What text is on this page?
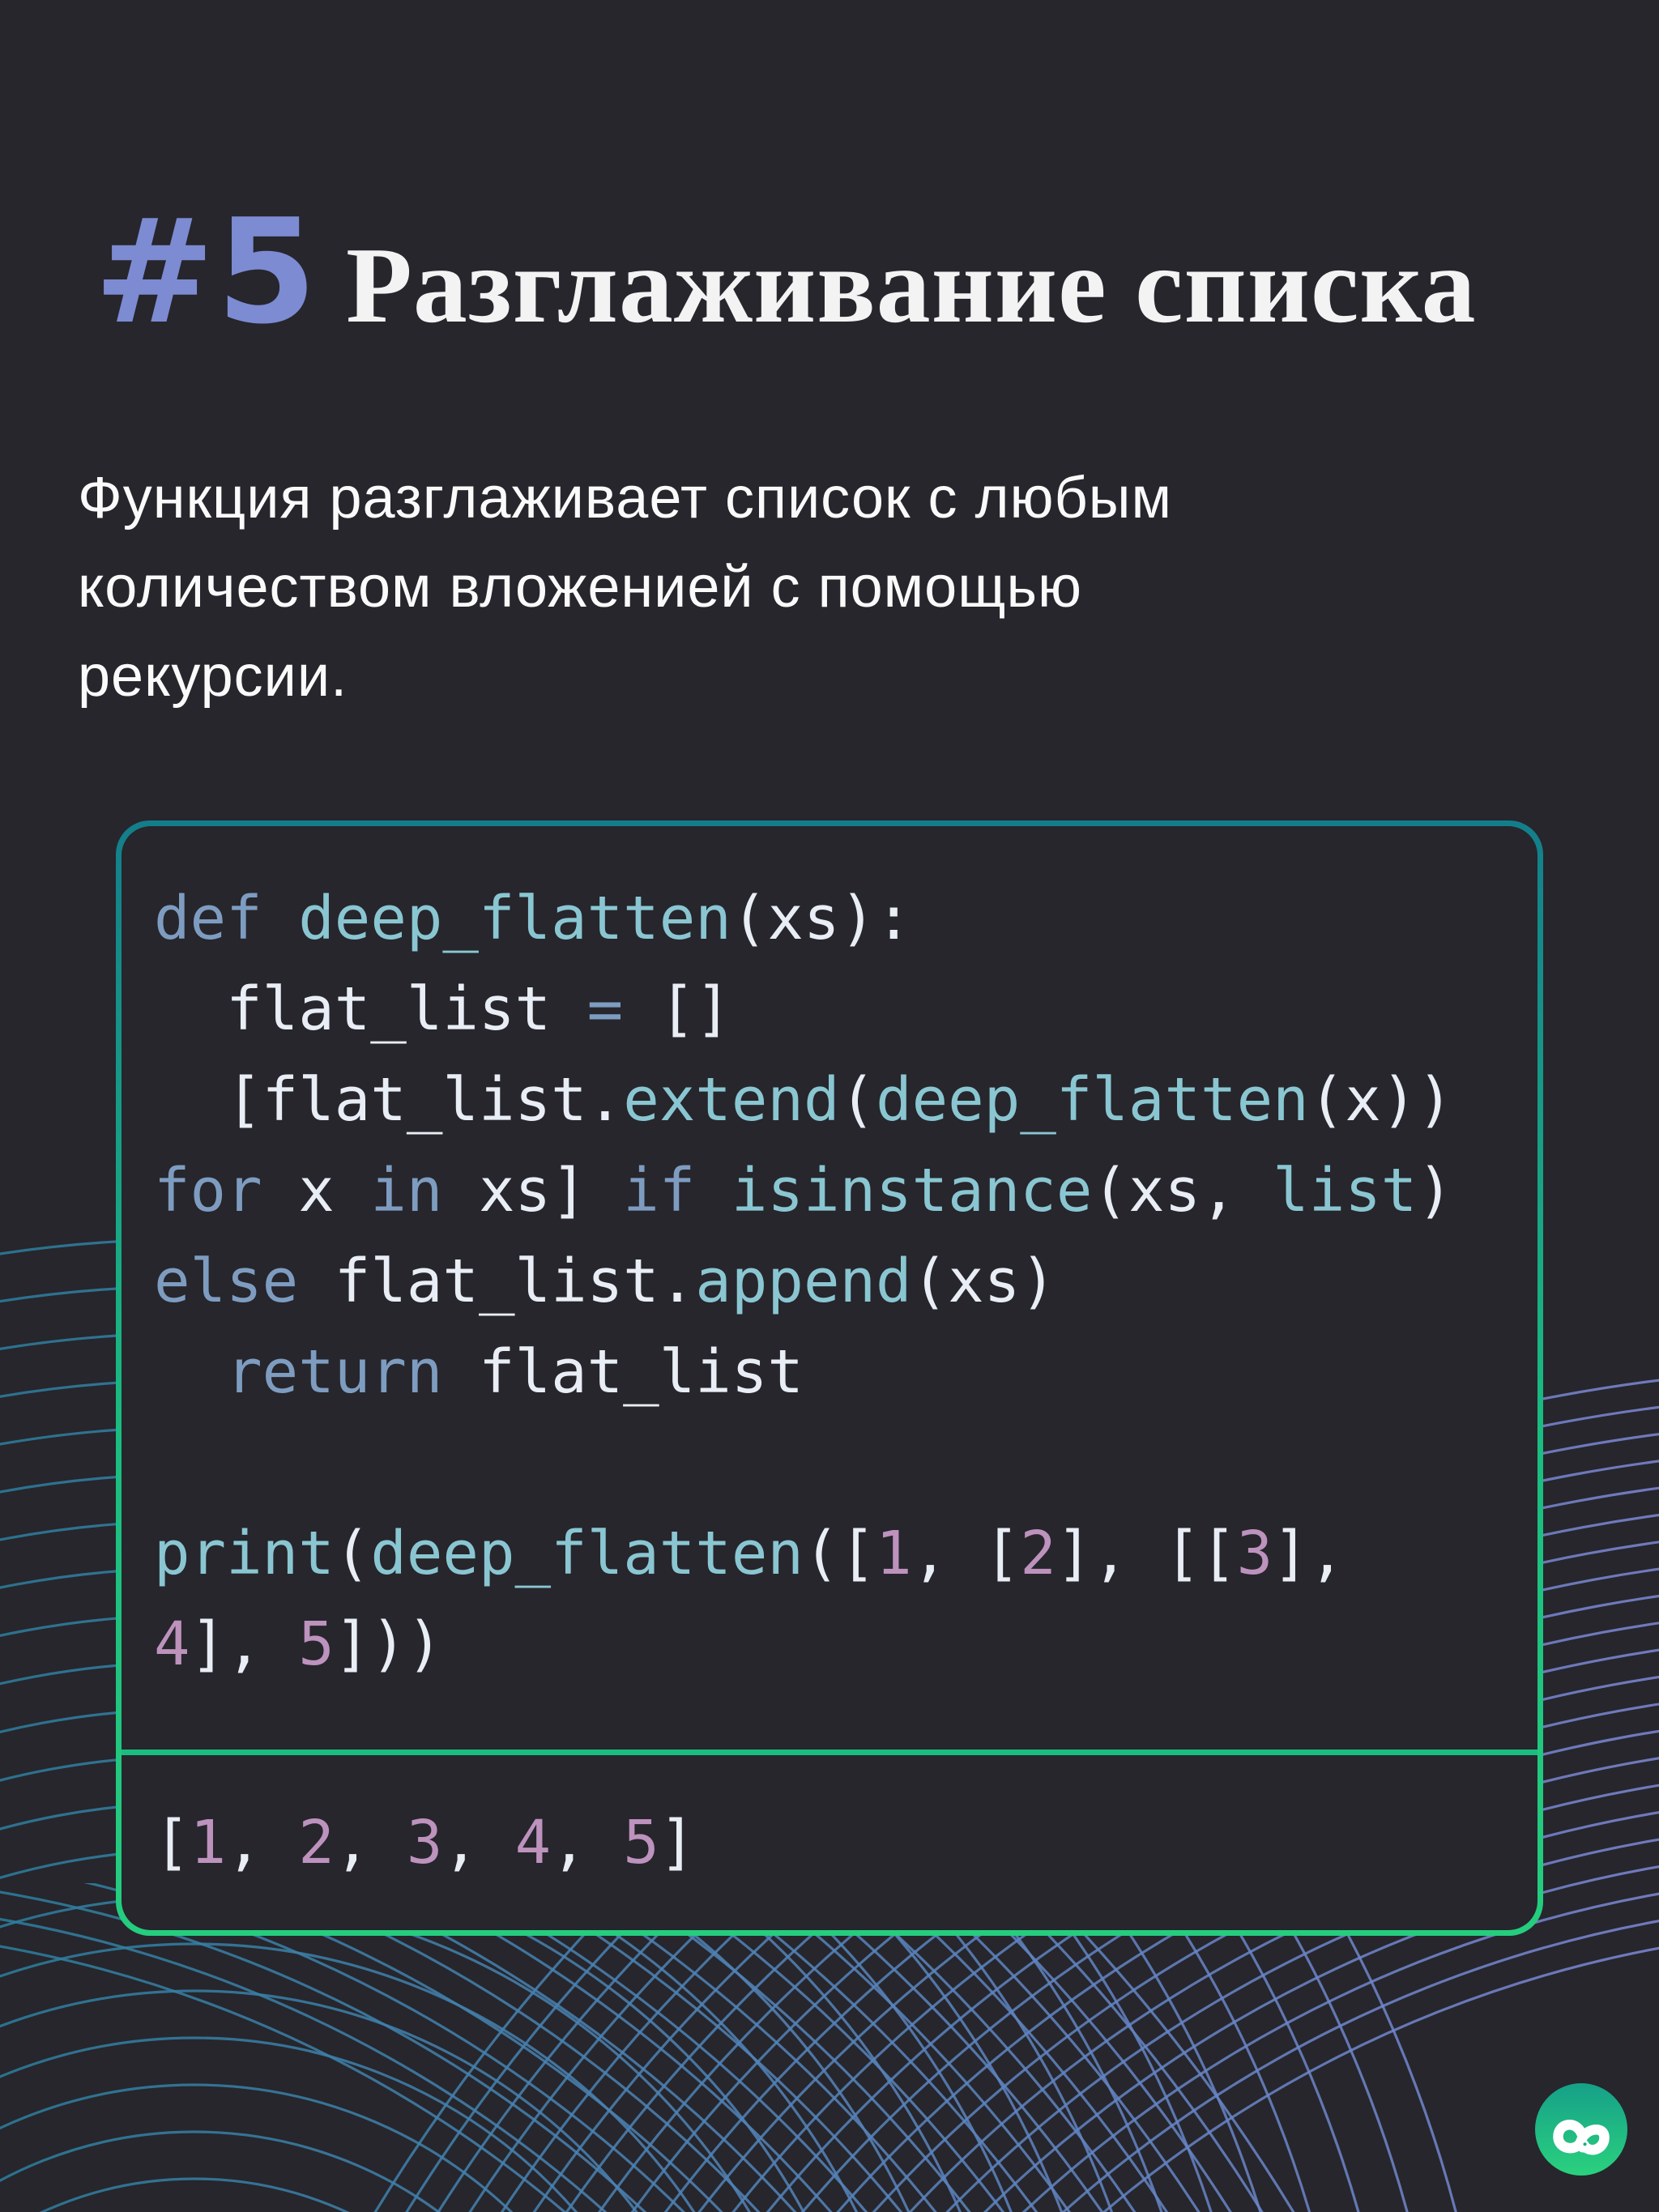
#5 Разглаживание списка
Функция разглаживает список с любым
количеством вложенией с помощью
рекурсии.
def deep_flatten(xs):
flat_list = []
[flat_list.extend(deep_flatten(x))
for x in xs] if isinstance(xs, list)
else flat_list.append(xs)
return flat_list

print(deep_flatten([1, [2], [[3],
4], 5]))
[1, 2, 3, 4, 5]
